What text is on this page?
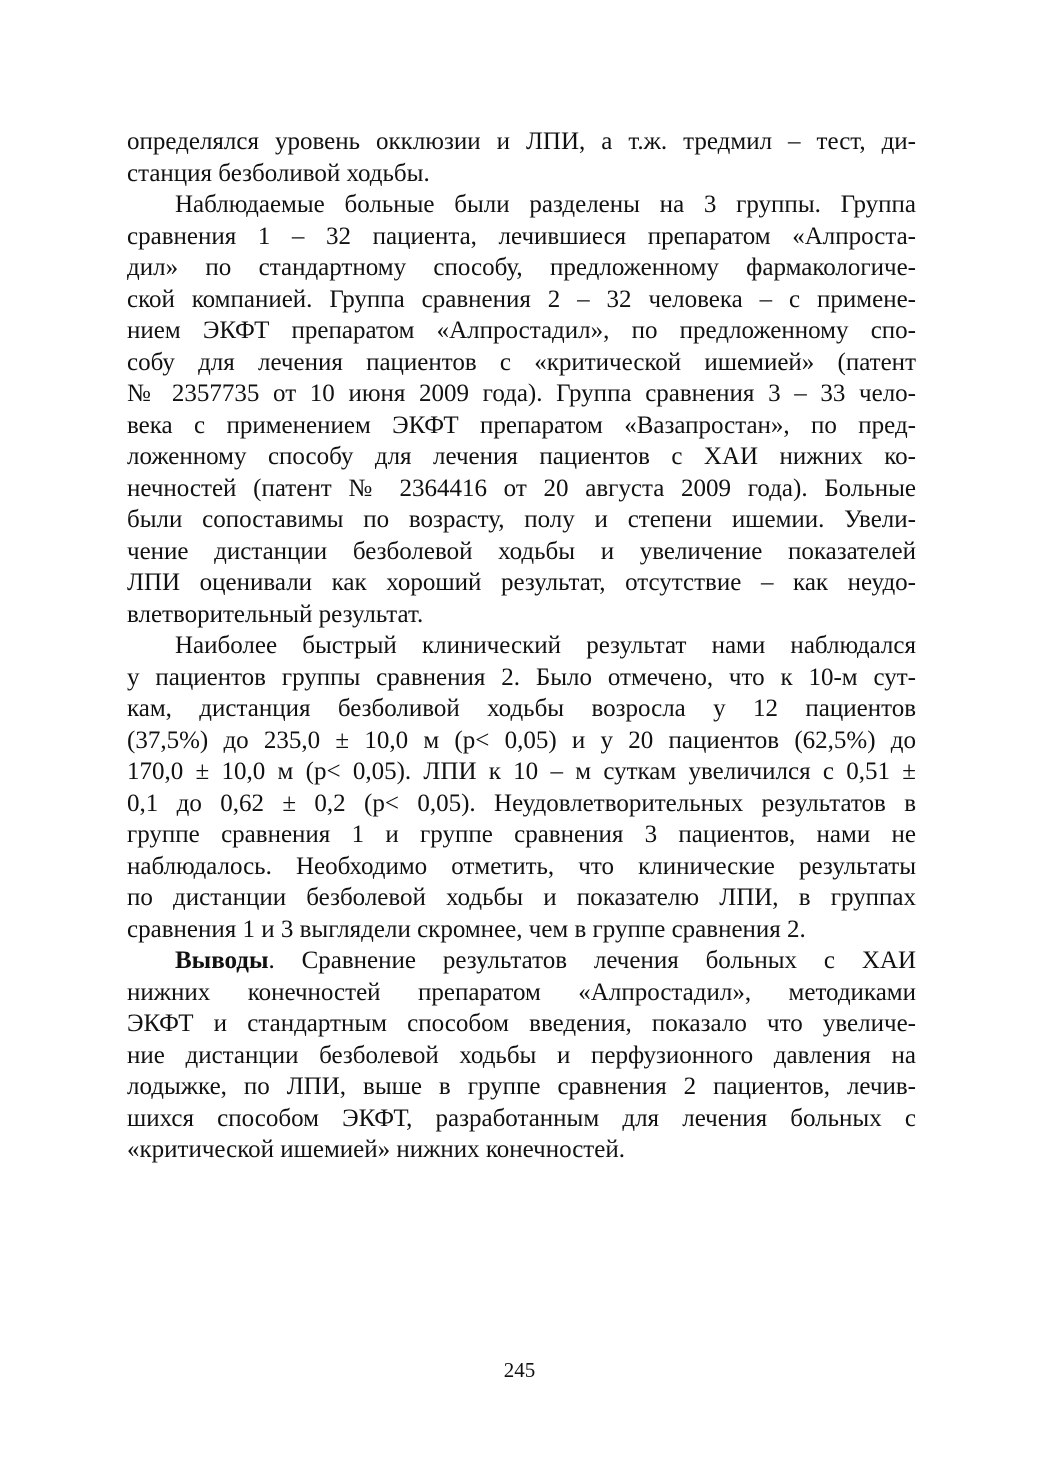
определялся уровень окклюзии и ЛПИ, а т.ж. тредмил – тест, ди-
станция безболивой ходьбы.
Наблюдаемые больные были разделены на 3 группы. Группа
сравнения 1 – 32 пациента, лечившиеся препаратом «Алпроста-
дил» по стандартному способу, предложенному фармакологиче-
ской компанией. Группа сравнения 2 – 32 человека – с примене-
нием ЭКФТ препаратом «Алпростадил», по предложенному спо-
собу для лечения пациентов с «критической ишемией» (патент
№ 2357735 от 10 июня 2009 года). Группа сравнения 3 – 33 чело-
века с применением ЭКФТ препаратом «Вазапростан», по пред-
ложенному способу для лечения пациентов с ХАИ нижних ко-
нечностей (патент № 2364416 от 20 августа 2009 года). Больные
были сопоставимы по возрасту, полу и степени ишемии. Увели-
чение дистанции безболевой ходьбы и увеличение показателей
ЛПИ оценивали как хороший результат, отсутствие – как неудо-
влетворительный результат.
Наиболее быстрый клинический результат нами наблюдался
у пациентов группы сравнения 2. Было отмечено, что к 10-м сут-
кам, дистанция безболивой ходьбы возросла у 12 пациентов
(37,5%) до 235,0 ± 10,0 м (p< 0,05) и у 20 пациентов (62,5%) до
170,0 ± 10,0 м (p< 0,05). ЛПИ к 10 – м суткам увеличился с 0,51 ±
0,1 до 0,62 ± 0,2 (p< 0,05). Неудовлетворительных результатов в
группе сравнения 1 и группе сравнения 3 пациентов, нами не
наблюдалось. Необходимо отметить, что клинические результаты
по дистанции безболевой ходьбы и показателю ЛПИ, в группах
сравнения 1 и 3 выглядели скромнее, чем в группе сравнения 2.
Выводы. Сравнение результатов лечения больных с ХАИ
нижних конечностей препаратом «Алпростадил», методиками
ЭКФТ и стандартным способом введения, показало что увеличе-
ние дистанции безболевой ходьбы и перфузионного давления на
лодыжке, по ЛПИ, выше в группе сравнения 2 пациентов, лечив-
шихся способом ЭКФТ, разработанным для лечения больных с
«критической ишемией» нижних конечностей.
245
